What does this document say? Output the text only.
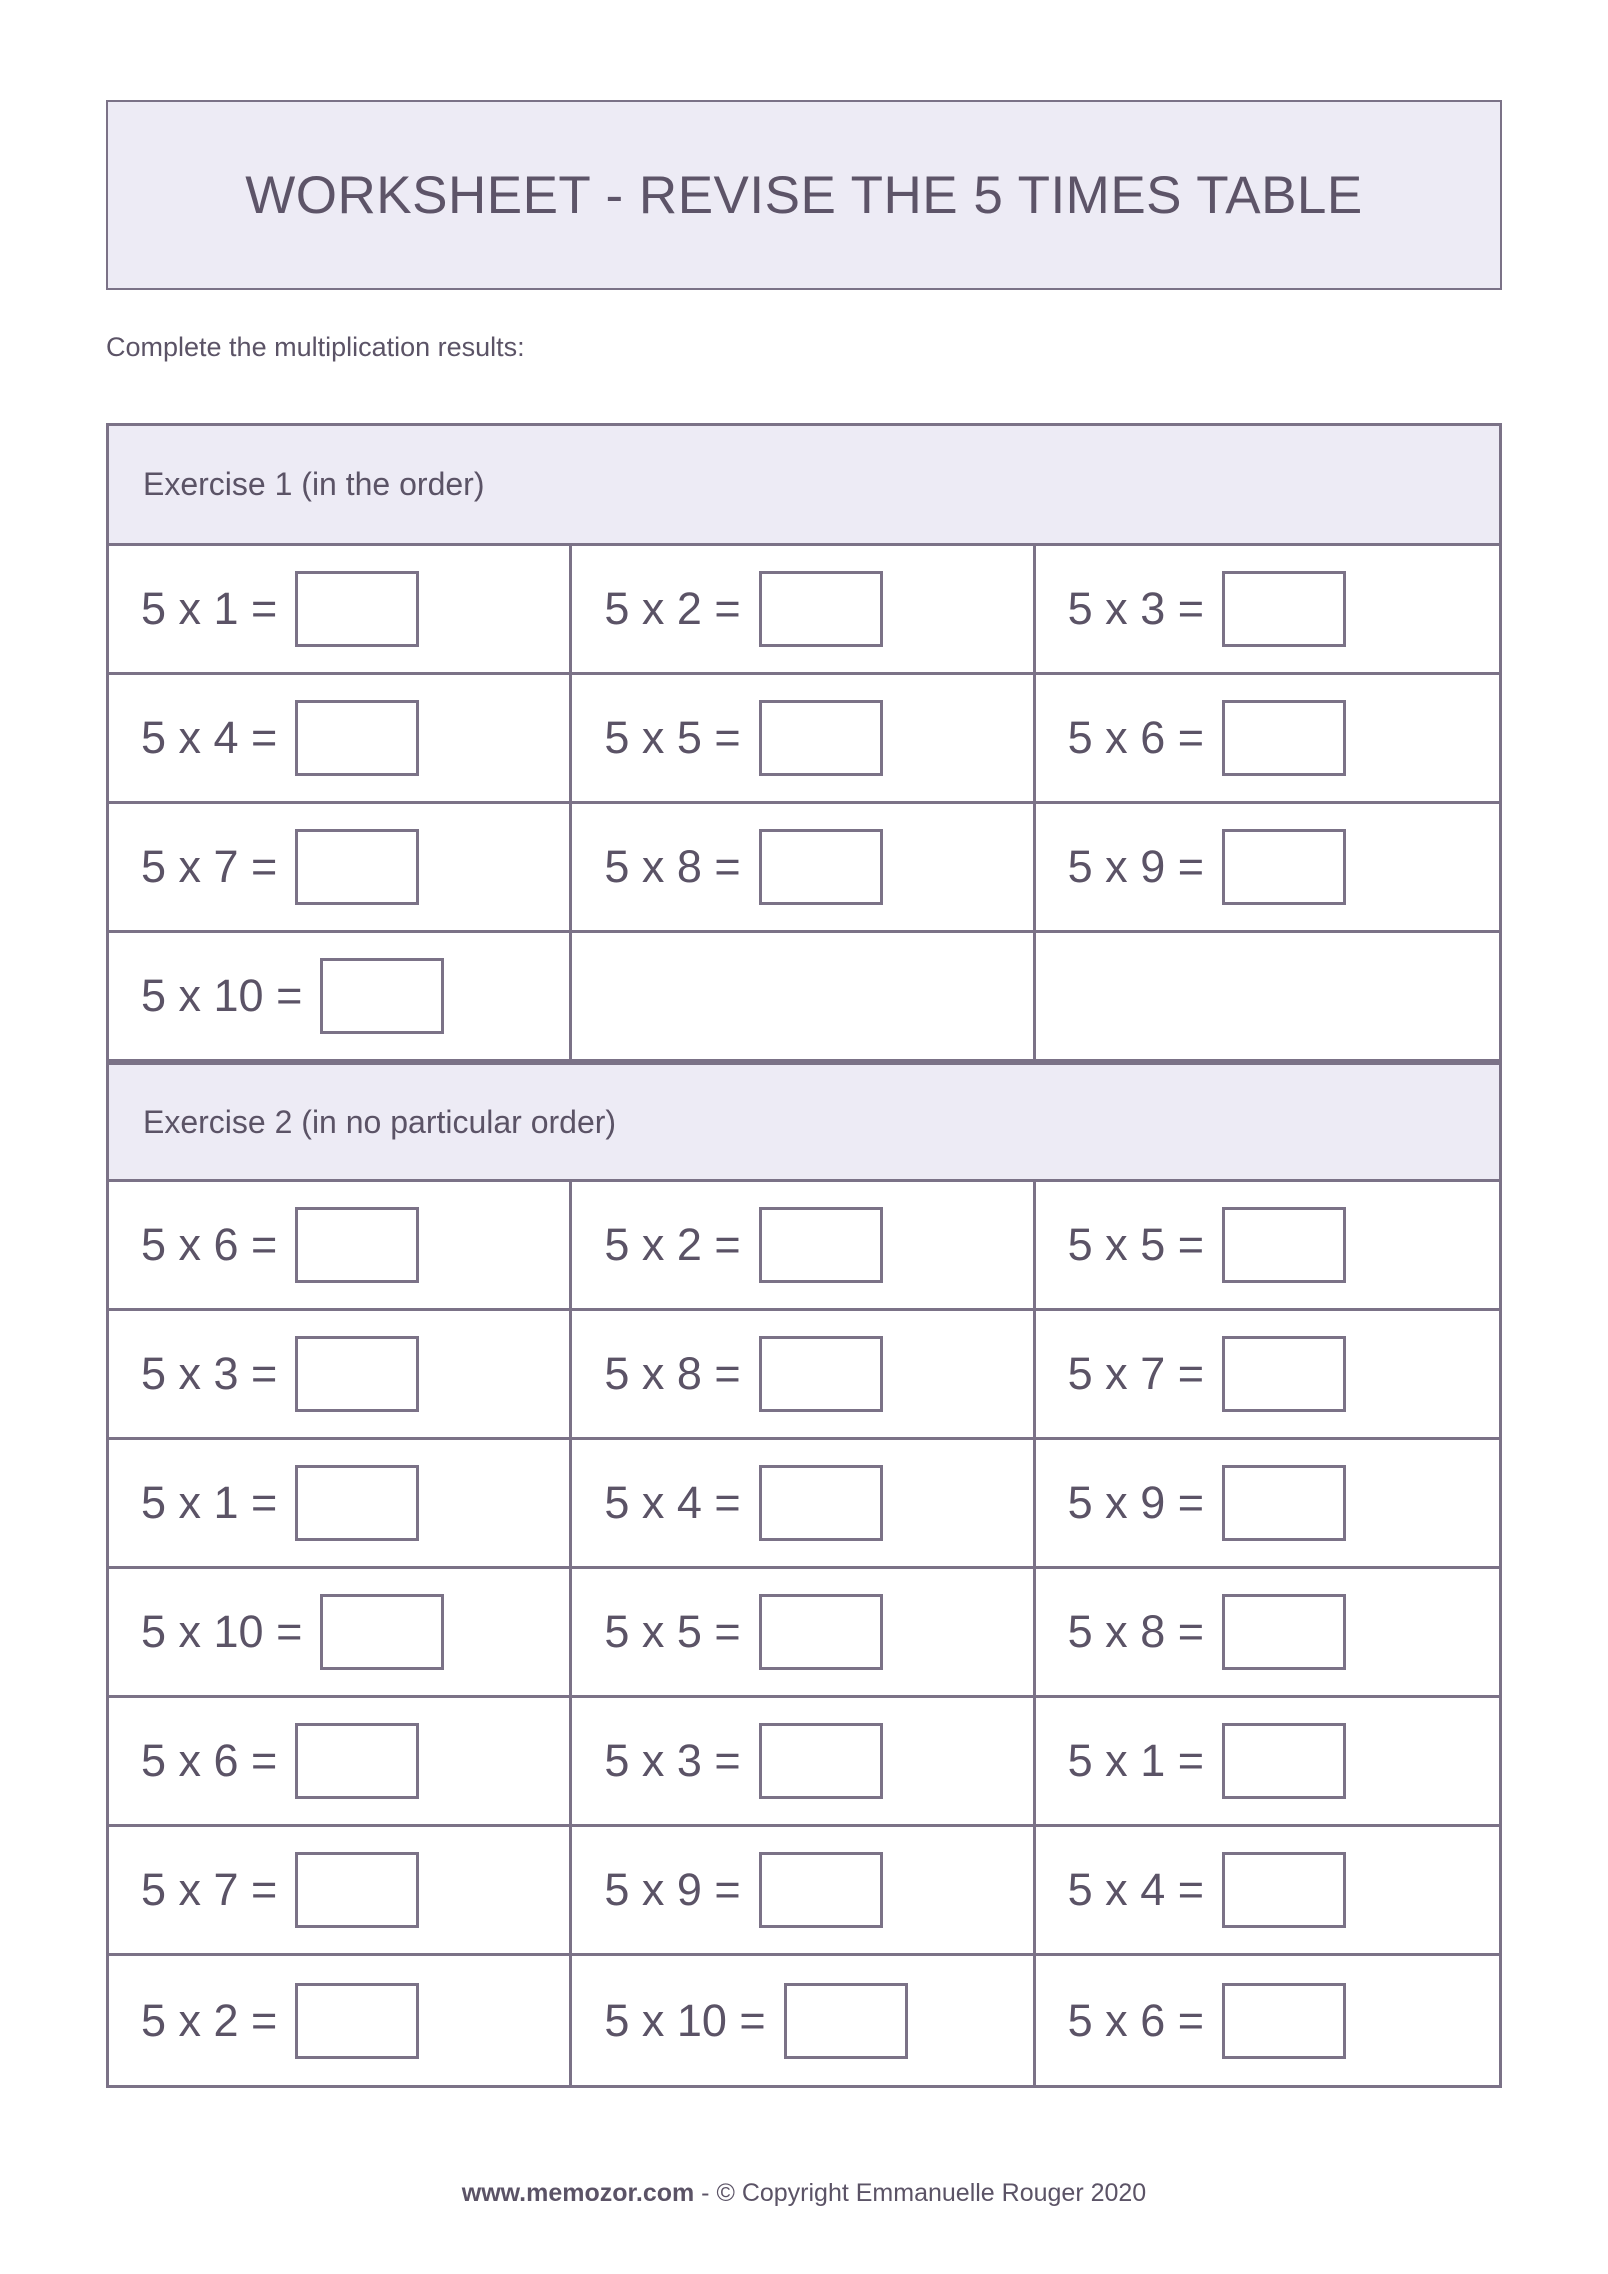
WORKSHEET - REVISE THE 5 TIMES TABLE
Complete the multiplication results:
Exercise 1 (in the order)
5 x 1 =	5 x 2 =	5 x 3 =
5 x 4 =	5 x 5 =	5 x 6 =
5 x 7 =	5 x 8 =	5 x 9 =
5 x 10 =
Exercise 2 (in no particular order)
5 x 6 =	5 x 2 =	5 x 5 =
5 x 3 =	5 x 8 =	5 x 7 =
5 x 1 =	5 x 4 =	5 x 9 =
5 x 10 =	5 x 5 =	5 x 8 =
5 x 6 =	5 x 3 =	5 x 1 =
5 x 7 =	5 x 9 =	5 x 4 =
5 x 2 =	5 x 10 =	5 x 6 =
www.memozor.com - © Copyright Emmanuelle Rouger 2020
